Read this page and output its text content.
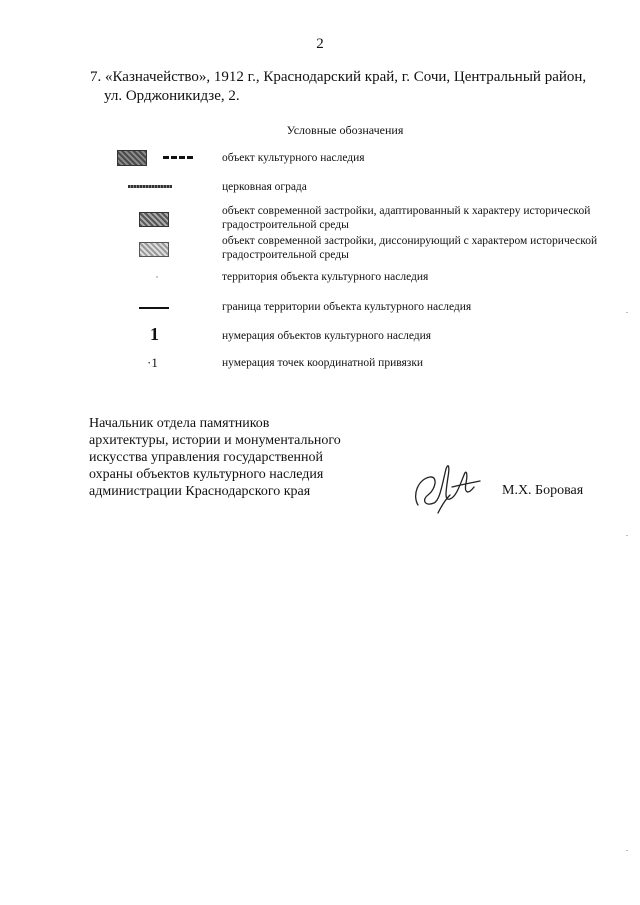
2
7. «Казначейство», 1912 г., Краснодарский край, г. Сочи, Центральный район,
ул. Орджоникидзе, 2.
Условные обозначения
объект культурного наследия
церковная ограда
объект современной застройки, адаптированный к характеру исторической градостроительной среды
объект современной застройки, диссонирующий с характером исторической градостроительной среды
территория объекта культурного наследия
граница территории объекта культурного наследия
1	нумерация объектов культурного наследия
·1	нумерация точек координатной привязки
Начальник отдела памятников
архитектуры, истории и монументального
искусства управления государственной
охраны объектов культурного наследия
администрации Краснодарского края	М.Х. Боровая
